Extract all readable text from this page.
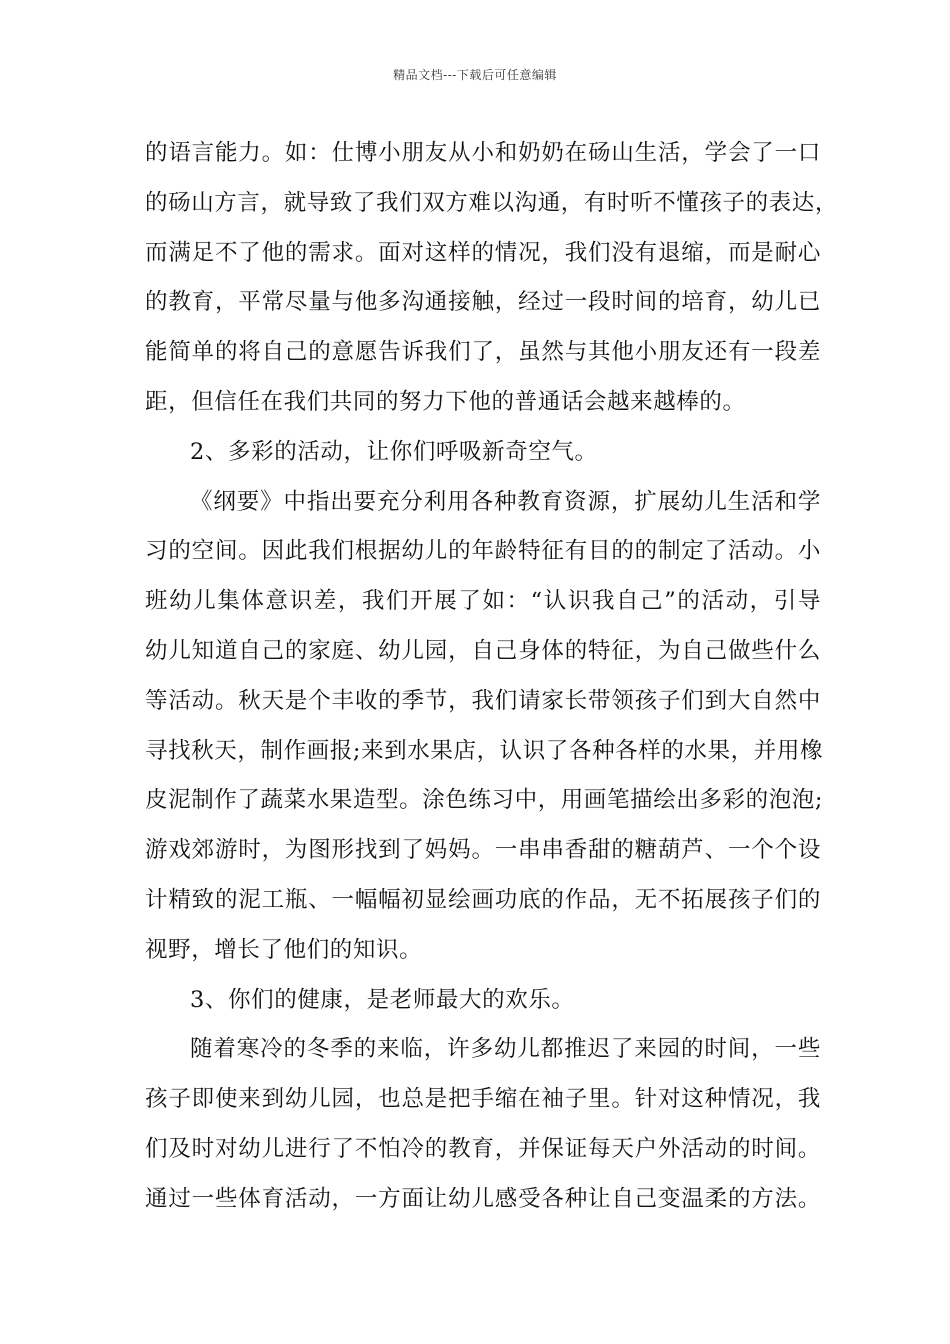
精品文档---下载后可任意编辑
的语言能力。如：仕博小朋友从小和奶奶在砀山生活，学会了一口
的砀山方言，就导致了我们双方难以沟通，有时听不懂孩子的表达，
而满足不了他的需求。面对这样的情况，我们没有退缩，而是耐心
的教育，平常尽量与他多沟通接触，经过一段时间的培育，幼儿已
能简单的将自己的意愿告诉我们了，虽然与其他小朋友还有一段差
距，但信任在我们共同的努力下他的普通话会越来越棒的。
2、多彩的活动，让你们呼吸新奇空气。
《纲要》中指出要充分利用各种教育资源，扩展幼儿生活和学
习的空间。因此我们根据幼儿的年龄特征有目的的制定了活动。小
班幼儿集体意识差，我们开展了如：“认识我自己”的活动，引导
幼儿知道自己的家庭、幼儿园，自己身体的特征，为自己做些什么
等活动。秋天是个丰收的季节，我们请家长带领孩子们到大自然中
寻找秋天，制作画报;来到水果店，认识了各种各样的水果，并用橡
皮泥制作了蔬菜水果造型。涂色练习中，用画笔描绘出多彩的泡泡;
游戏郊游时，为图形找到了妈妈。一串串香甜的糖葫芦、一个个设
计精致的泥工瓶、一幅幅初显绘画功底的作品，无不拓展孩子们的
视野，增长了他们的知识。
3、你们的健康，是老师最大的欢乐。
随着寒冷的冬季的来临，许多幼儿都推迟了来园的时间，一些
孩子即使来到幼儿园，也总是把手缩在袖子里。针对这种情况，我
们及时对幼儿进行了不怕冷的教育，并保证每天户外活动的时间。
通过一些体育活动，一方面让幼儿感受各种让自己变温柔的方法。
